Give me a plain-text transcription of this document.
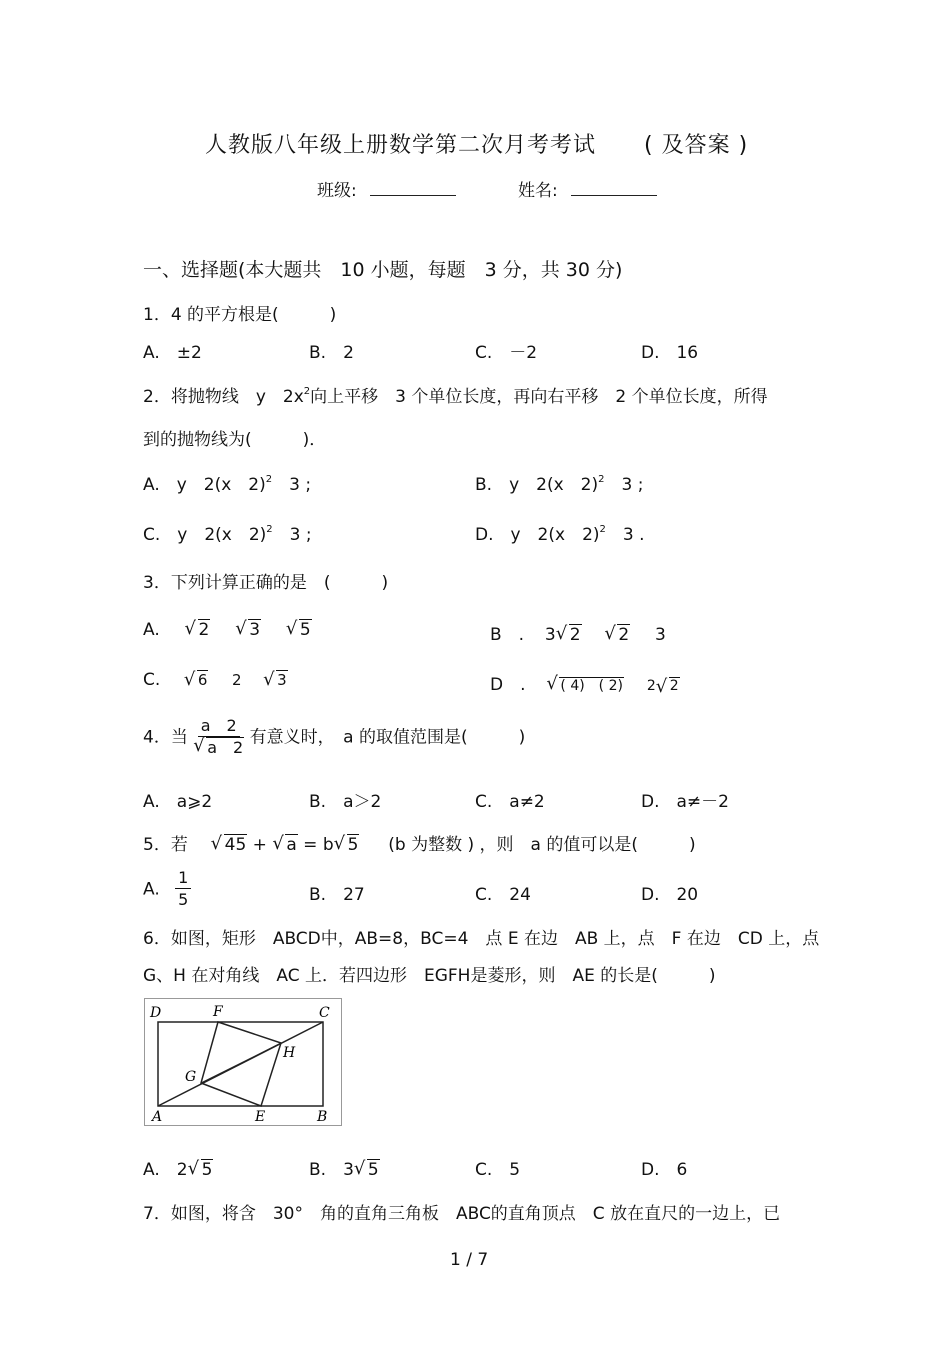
人教版八年级上册数学第二次月考考试 ( 及答案 )
班级:	姓名:
一、选择题(本大题共　10 小题，每题　3 分，共 30 分)
1．4 的平方根是(　　　)
A.　±2	B.　2	C.　－2	D.　16
2．将抛物线　y　$2x^2$向上平移　3 个单位长度，再向右平移　2 个单位长度，所得
到的抛物线为(　　　)．
A.　y　2(x　2)$^2$　3 ;	B.　y　2(x　2)$^2$　3 ;
C.　y　2(x　2)$^2$　3 ;	D.　y　2(x　2)$^2$　3 .
3．下列计算正确的是　(　　　)
A. √ 2 √ 3 √ 5	B　. 3 √ 2 √ 2 3
C.	√ 6 2 √ 3	D　. √ ( 4)　( 2) 2 √ 2
4．当 a　2
√ a　2 有意义时，　a 的取值范围是(　　　)
A.　a⩾2	B.　a＞2	C.　a≠2	D.　a≠－2
5．若 √ 45 + √ a = b √ 5 (b 为整数 ) ，则　a 的值可以是(　　　)
A. $\frac{1}{5}$	B.　27	C.　24	D.　20
6．如图，矩形　ABCD中，AB=8，BC=4　点 E 在边　AB 上，点　F 在边　CD 上，点
G、H 在对角线　AC 上．若四边形　EGFH是菱形，则　AE 的长是(　　　)
D	F	C
H
G
A	E	B
A.　2 √ 5	B.　3 √ 5	C.　5	D.　6
7．如图，将含　30°　角的直角三角板　ABC的直角顶点　C 放在直尺的一边上，已
1 / 7
